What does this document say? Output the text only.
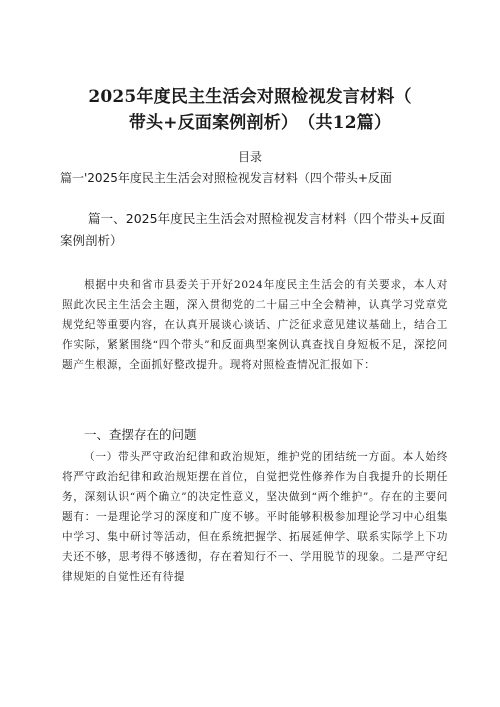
2025年度民主生活会对照检视发言材料（
带头+反面案例剖析）　（共12篇）
目录
篇一'2025年度民主生活会对照检视发言材料（四个带头+反面
篇一、2025年度民主生活会对照检视发言材料（四个带头+反面案例剖析）
根据中央和省市县委关于开好2024年度民主生活会的有关要求，本人对照此次民主生活会主题，深入贯彻党的二十届三中全会精神，认真学习党章党规党纪等重要内容，在认真开展谈心谈话、广泛征求意见建议基础上，结合工作实际，紧紧围绕“四个带头”和反面典型案例认真查找自身短板不足，深挖问题产生根源，全面抓好整改提升。现将对照检查情况汇报如下：
一、查摆存在的问题
（一）带头严守政治纪律和政治规矩，维护党的团结统一方面。本人始终将严守政治纪律和政治规矩摆在首位，自觉把党性修养作为自我提升的长期任务，深刻认识“两个确立”的决定性意义，坚决做到“两个维护”。存在的主要问题有：一是理论学习的深度和广度不够。平时能够积极参加理论学习中心组集中学习、集中研讨等活动，但在系统把握学、拓展延伸学、联系实际学上下功夫还不够，思考得不够透彻，存在着知行不一、学用脱节的现象。二是严守纪律规矩的自觉性还有待提
